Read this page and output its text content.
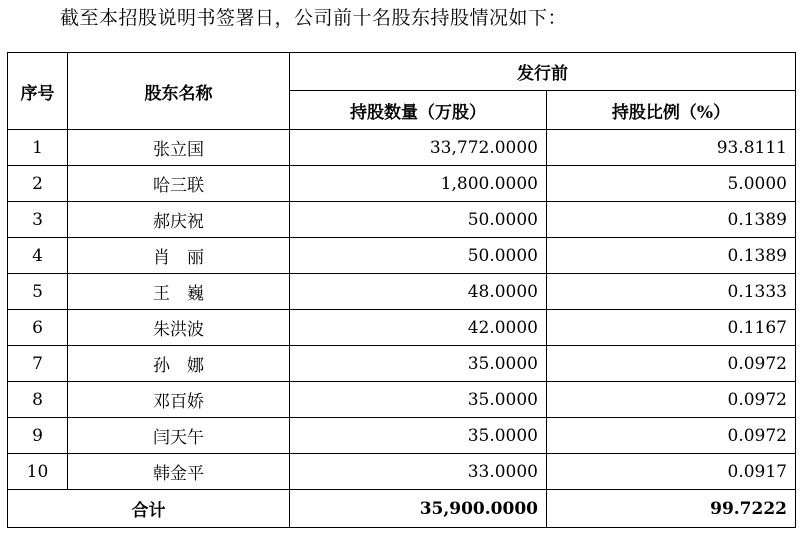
截至本招股说明书签署日，公司前十名股东持股情况如下：
序号	股东名称	发行前	
		持股数量（万股）	持股比例（%）
1	张立国	33,772.0000	93.8111
2	哈三联	1,800.0000	5.0000
3	郝庆祝	50.0000	0.1389
4	肖　丽	50.0000	0.1389
5	王　巍	48.0000	0.1333
6	朱洪波	42.0000	0.1167
7	孙　娜	35.0000	0.0972
8	邓百娇	35.0000	0.0972
9	闫天午	35.0000	0.0972
10	韩金平	33.0000	0.0917
合计		35,900.0000	99.7222
